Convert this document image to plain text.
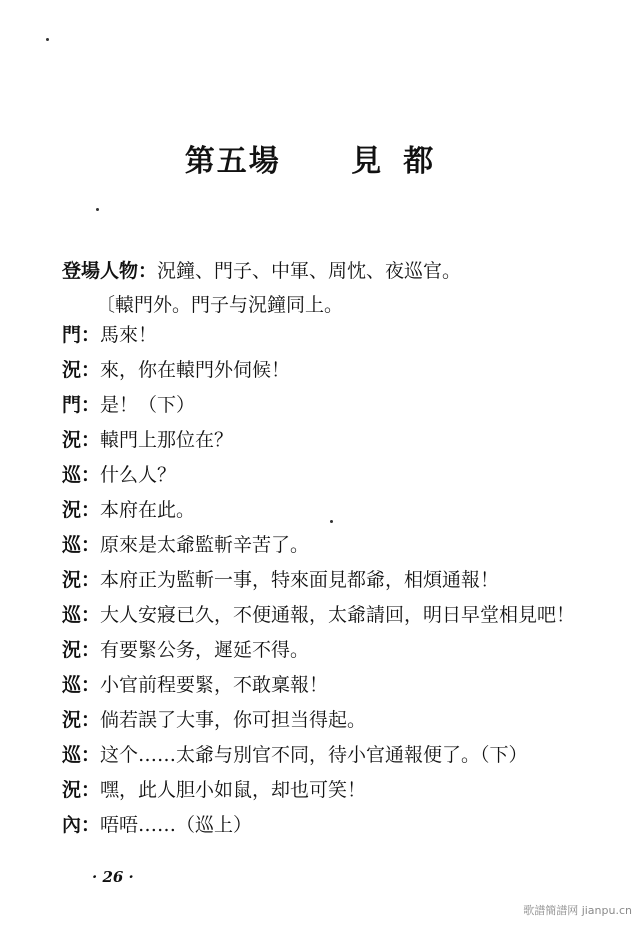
第五場 見都
登場人物：況鐘、門子、中軍、周忱、夜巡官。
〔轅門外。門子与況鐘同上。
門： 馬來！
況： 來，你在轅門外伺候！
門： 是！（下）
況： 轅門上那位在？
巡： 什么人？
況： 本府在此。
巡： 原來是太爺監斬辛苦了。
況： 本府正为監斬一事，特來面見都爺，相煩通報！
巡： 大人安寢已久，不便通報，太爺請回，明日早堂相見吧！
況： 有要緊公务，遲延不得。
巡： 小官前程要緊，不敢稟報！
況： 倘若誤了大事，你可担当得起。
巡： 这个……太爺与別官不同，待小官通報便了。（下）
況： 嘿，此人胆小如鼠，却也可笑！
內： 唔唔……（巡上）
· 26 ·
歌譜簡譜网 jianpu.cn
